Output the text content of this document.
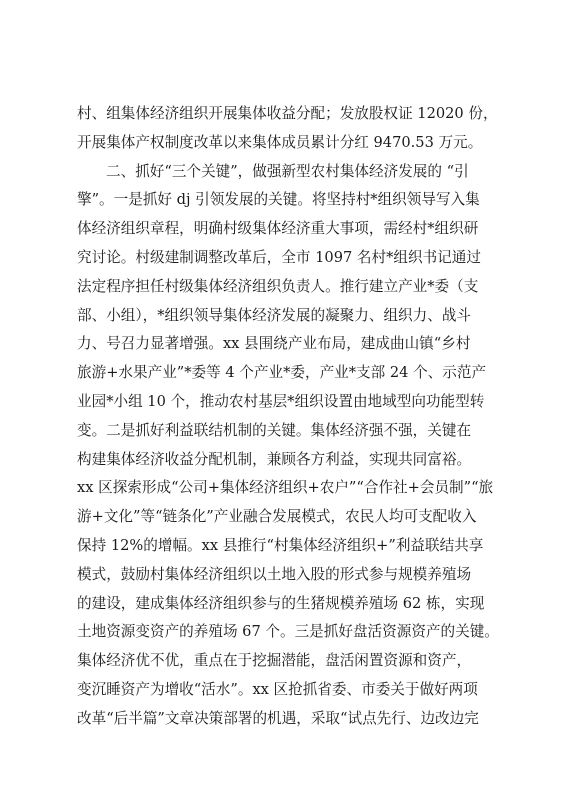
村、组集体经济组织开展集体收益分配；发放股权证 12020 份，
开展集体产权制度改革以来集体成员累计分红 9470.53 万元。
二、抓好“三个关键”，做强新型农村集体经济发展的 “引
擎”。一是抓好 dj 引领发展的关键。将坚持村*组织领导写入集
体经济组织章程，明确村级集体经济重大事项，需经村*组织研
究讨论。村级建制调整改革后，全市 1097 名村*组织书记通过
法定程序担任村级集体经济组织负责人。推行建立产业*委（支
部、小组），*组织领导集体经济发展的凝聚力、组织力、战斗
力、号召力显著增强。xx 县围绕产业布局，建成曲山镇“乡村
旅游+水果产业”*委等 4 个产业*委，产业*支部 24 个、示范产
业园*小组 10 个，推动农村基层*组织设置由地域型向功能型转
变。二是抓好利益联结机制的关键。集体经济强不强，关键在
构建集体经济收益分配机制，兼顾各方利益，实现共同富裕。
xx 区探索形成“公司+集体经济组织+农户”“合作社+会员制”“旅
游+文化”等“链条化”产业融合发展模式，农民人均可支配收入
保持 12%的增幅。xx 县推行“村集体经济组织+”利益联结共享
模式，鼓励村集体经济组织以土地入股的形式参与规模养殖场
的建设，建成集体经济组织参与的生猪规模养殖场 62 栋，实现
土地资源变资产的养殖场 67 个。三是抓好盘活资源资产的关键。
集体经济优不优，重点在于挖掘潜能，盘活闲置资源和资产，
变沉睡资产为增收“活水”。xx 区抢抓省委、市委关于做好两项
改革“后半篇”文章决策部署的机遇，采取“试点先行、边改边完
